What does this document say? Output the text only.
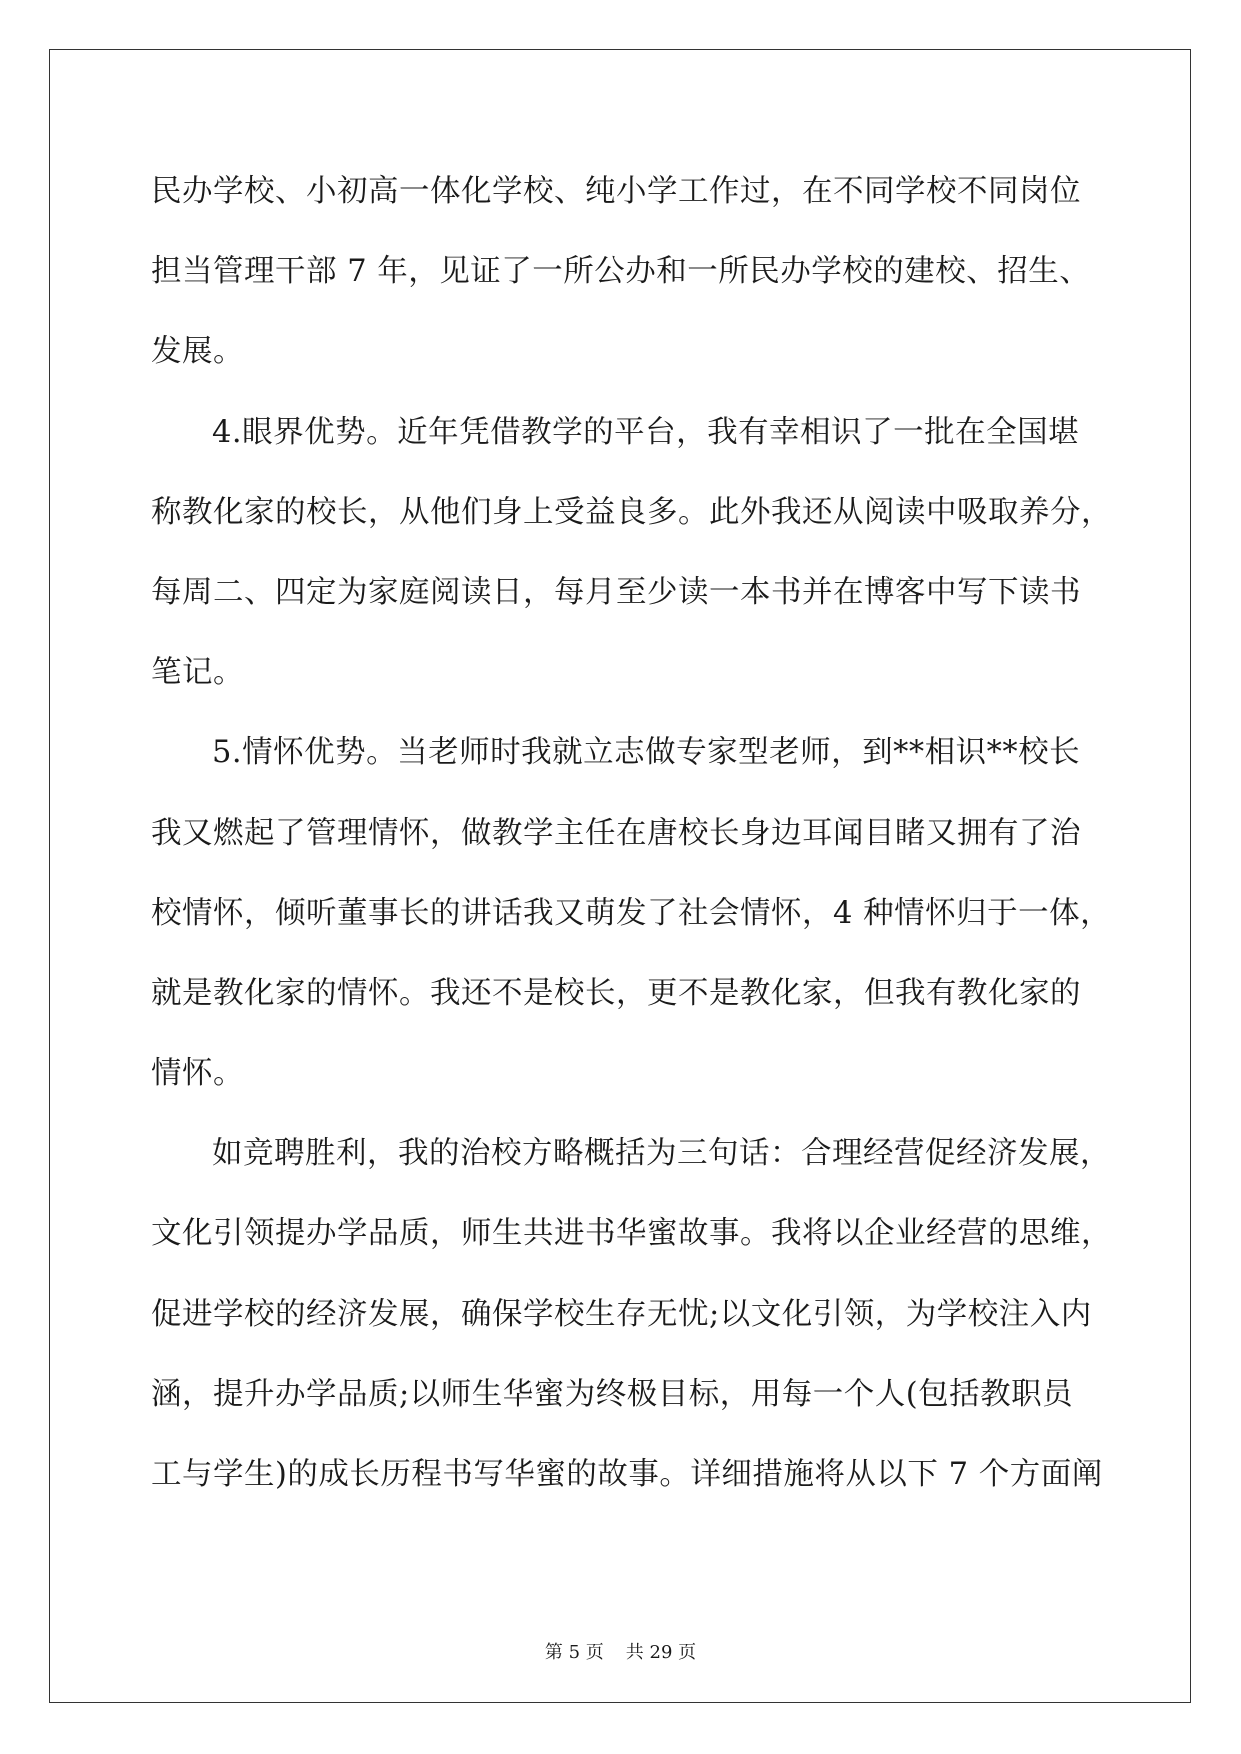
民办学校、小初高一体化学校、纯小学工作过，在不同学校不同岗位
担当管理干部 7 年，见证了一所公办和一所民办学校的建校、招生、
发展。
4.眼界优势。近年凭借教学的平台，我有幸相识了一批在全国堪
称教化家的校长，从他们身上受益良多。此外我还从阅读中吸取养分，
每周二、四定为家庭阅读日，每月至少读一本书并在博客中写下读书
笔记。
5.情怀优势。当老师时我就立志做专家型老师，到**相识**校长
我又燃起了管理情怀，做教学主任在唐校长身边耳闻目睹又拥有了治
校情怀，倾听董事长的讲话我又萌发了社会情怀，4 种情怀归于一体，
就是教化家的情怀。我还不是校长，更不是教化家，但我有教化家的
情怀。
如竞聘胜利，我的治校方略概括为三句话：合理经营促经济发展，
文化引领提办学品质，师生共进书华蜜故事。我将以企业经营的思维，
促进学校的经济发展，确保学校生存无忧;以文化引领，为学校注入内
涵，提升办学品质;以师生华蜜为终极目标，用每一个人(包括教职员
工与学生)的成长历程书写华蜜的故事。详细措施将从以下 7 个方面阐
第 5 页 共 29 页
